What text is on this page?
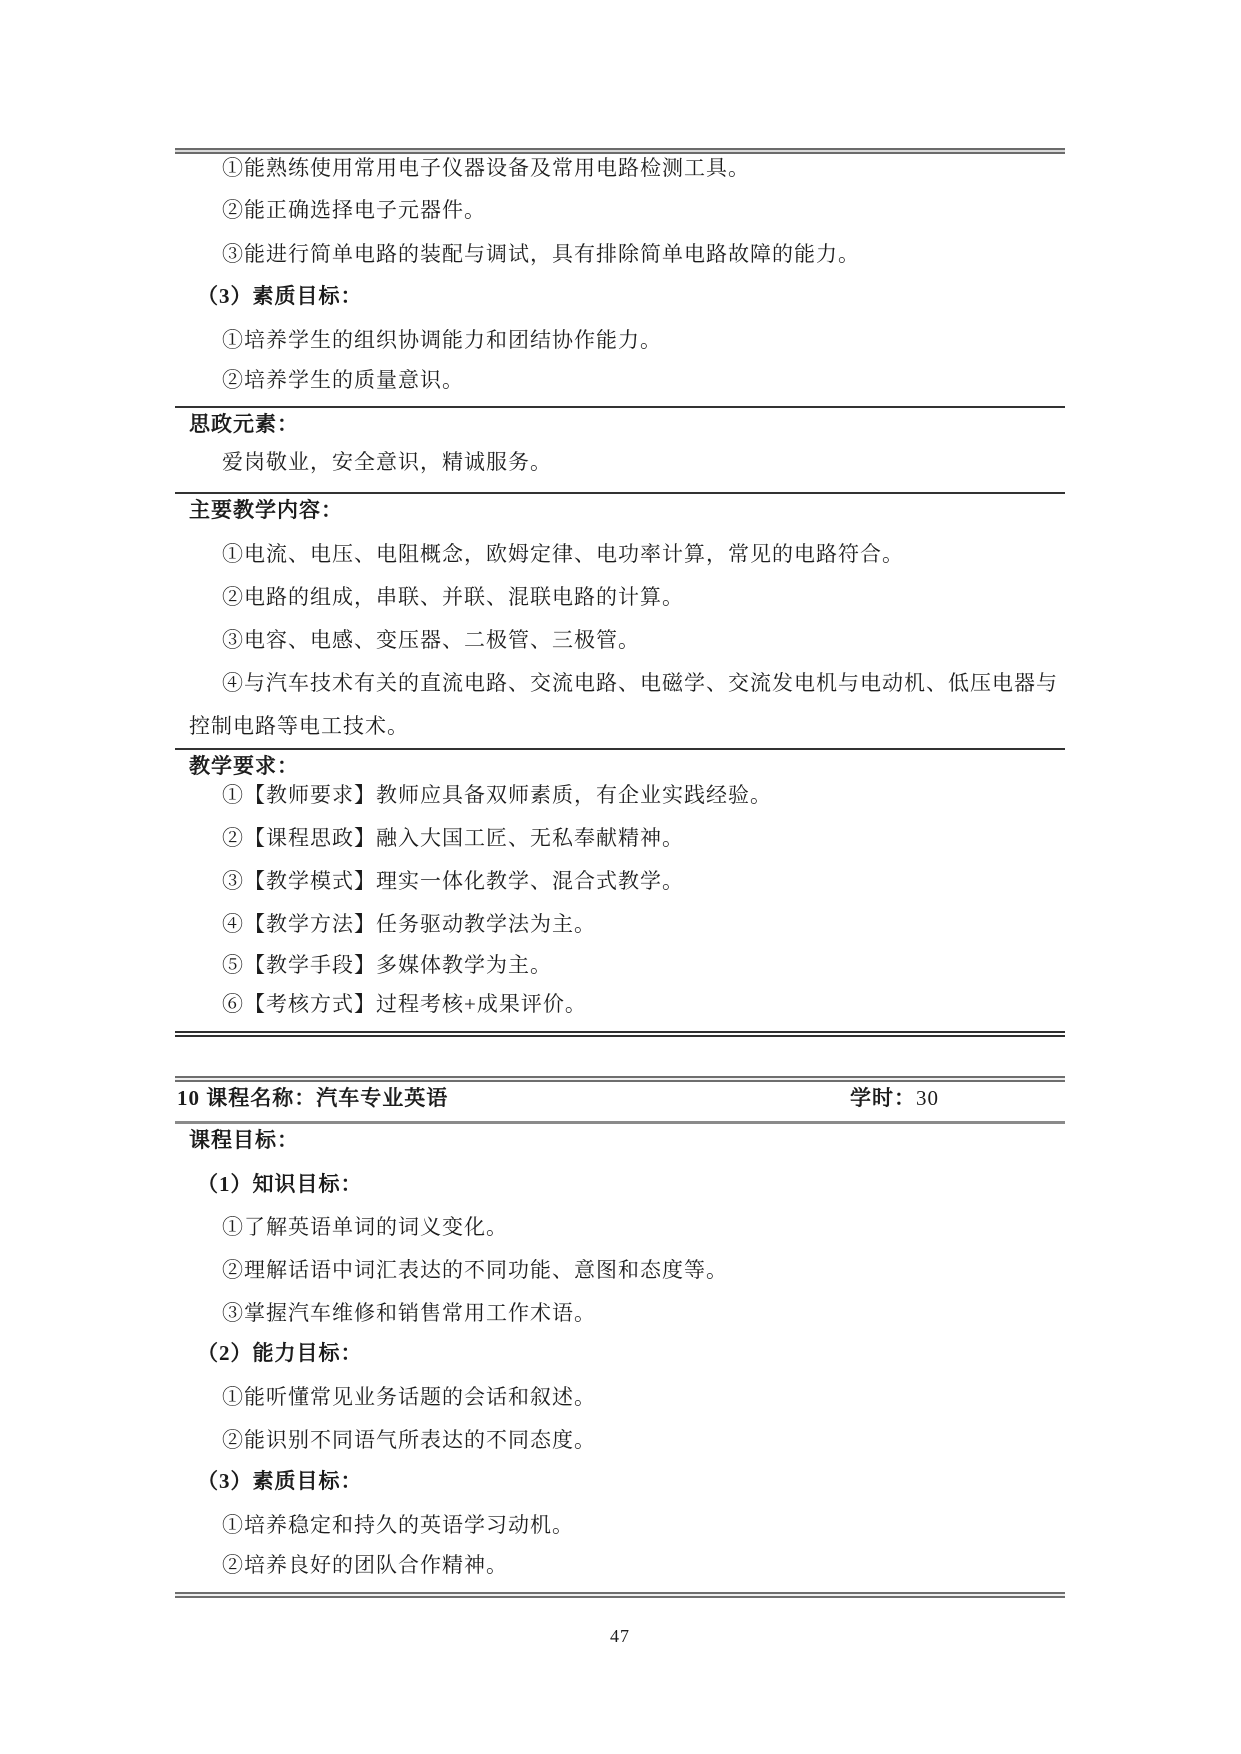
①能熟练使用常用电子仪器设备及常用电路检测工具。
②能正确选择电子元器件。
③能进行简单电路的装配与调试，具有排除简单电路故障的能力。
（3）素质目标：
①培养学生的组织协调能力和团结协作能力。
②培养学生的质量意识。
思政元素：
爱岗敬业，安全意识，精诚服务。
主要教学内容：
①电流、电压、电阻概念，欧姆定律、电功率计算，常见的电路符合。
②电路的组成，串联、并联、混联电路的计算。
③电容、电感、变压器、二极管、三极管。
④与汽车技术有关的直流电路、交流电路、电磁学、交流发电机与电动机、低压电器与
控制电路等电工技术。
教学要求：
①【教师要求】教师应具备双师素质，有企业实践经验。
②【课程思政】融入大国工匠、无私奉献精神。
③【教学模式】理实一体化教学、混合式教学。
④【教学方法】任务驱动教学法为主。
⑤【教学手段】多媒体教学为主。
⑥【考核方式】过程考核+成果评价。
10 课程名称：汽车专业英语	学时：30
课程目标：
（1）知识目标：
①了解英语单词的词义变化。
②理解话语中词汇表达的不同功能、意图和态度等。
③掌握汽车维修和销售常用工作术语。
（2）能力目标：
①能听懂常见业务话题的会话和叙述。
②能识别不同语气所表达的不同态度。
（3）素质目标：
①培养稳定和持久的英语学习动机。
②培养良好的团队合作精神。
47
